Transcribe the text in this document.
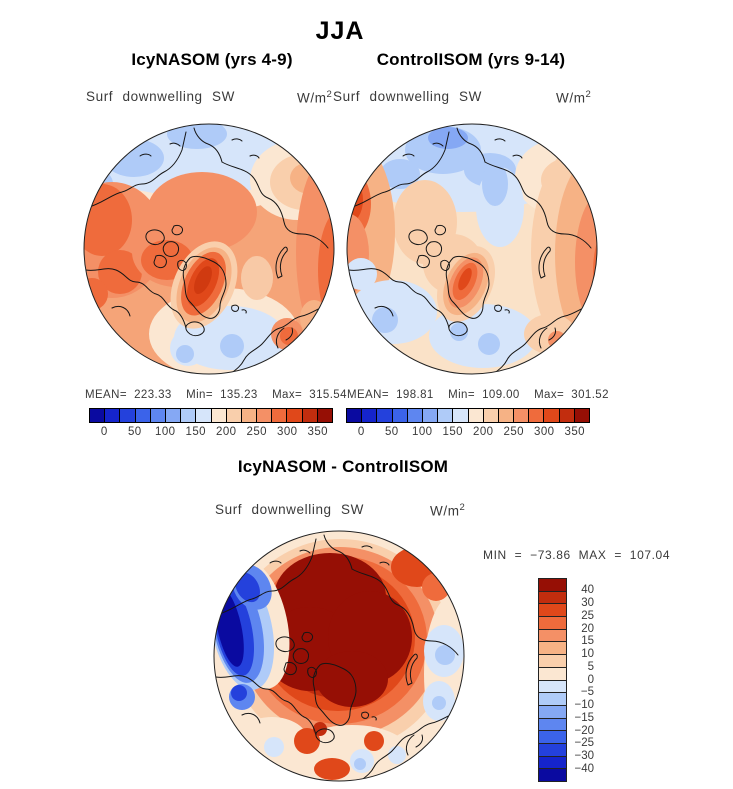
JJA
IcyNASOM (yrs 4-9)	ControlISOM (yrs 9-14)
Surf downwelling SW	$W/m^2$ Surf downwelling SW	$W/m^2$
MEAN=  223.33    Min=  135.23    Max=  315.54 MEAN=  198.81    Min=  109.00    Max=  301.52
0 50 100 150 200 250 300 350	0 50 100 150 200 250 300 350
IcyNASOM - ControlISOM
Surf downwelling SW	$W/m^2$
MIN  =  −73.86  MAX  =  107.04
40
30
25
20
15
10
5
0
−5
−10
−15
−20
−25
−30
−40
